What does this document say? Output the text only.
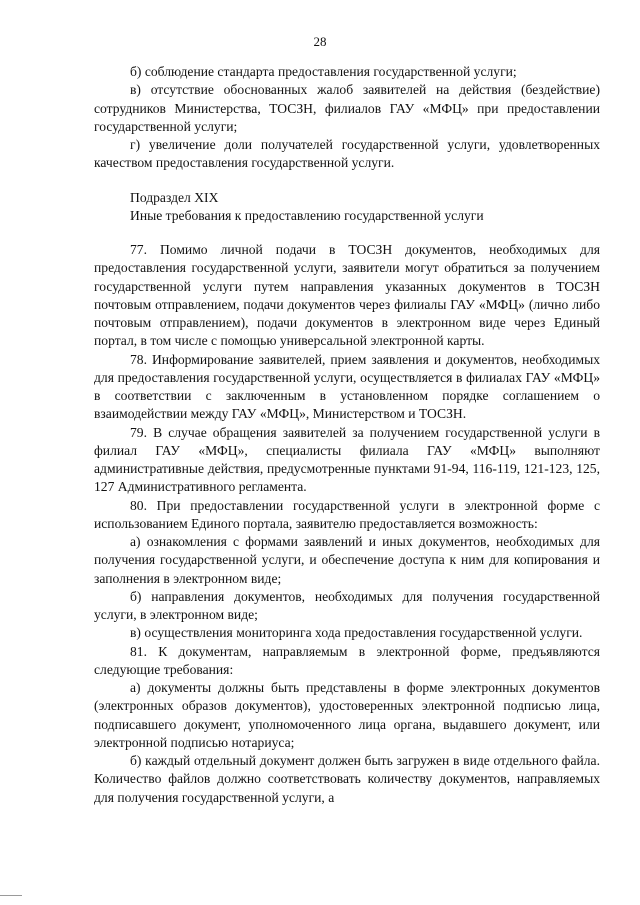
28

б) соблюдение стандарта предоставления государственной услуги;

в) отсутствие обоснованных жалоб заявителей на действия (бездействие) сотрудников Министерства, ТОСЗН, филиалов ГАУ «МФЦ» при предоставлении государственной услуги;

г) увеличение доли получателей государственной услуги, удовлетворенных качеством предоставления государственной услуги.

Подраздел XIX

Иные требования к предоставлению государственной услуги

77. Помимо личной подачи в ТОСЗН документов, необходимых для предоставления государственной услуги, заявители могут обратиться за получением государственной услуги путем направления указанных документов в ТОСЗН почтовым отправлением, подачи документов через филиалы ГАУ «МФЦ» (лично либо почтовым отправлением), подачи документов в электронном виде через Единый портал, в том числе с помощью универсальной электронной карты.

78. Информирование заявителей, прием заявления и документов, необходимых для предоставления государственной услуги, осуществляется в филиалах ГАУ «МФЦ» в соответствии с заключенным в установленном порядке соглашением о взаимодействии между ГАУ «МФЦ», Министерством и ТОСЗН.

79. В случае обращения заявителей за получением государственной услуги в филиал ГАУ «МФЦ», специалисты филиала ГАУ «МФЦ» выполняют административные действия, предусмотренные пунктами 91-94, 116-119, 121-123, 125, 127 Административного регламента.

80. При предоставлении государственной услуги в электронной форме с использованием Единого портала, заявителю предоставляется возможность:

а) ознакомления с формами заявлений и иных документов, необходимых для получения государственной услуги, и обеспечение доступа к ним для копирования и заполнения в электронном виде;

б) направления документов, необходимых для получения государственной услуги, в электронном виде;

в) осуществления мониторинга хода предоставления государственной услуги.

81. К документам, направляемым в электронной форме, предъявляются следующие требования:

а) документы должны быть представлены в форме электронных документов (электронных образов документов), удостоверенных электронной подписью лица, подписавшего документ, уполномоченного лица органа, выдавшего документ, или электронной подписью нотариуса;

б) каждый отдельный документ должен быть загружен в виде отдельного файла. Количество файлов должно соответствовать количеству документов, направляемых для получения государственной услуги, а
